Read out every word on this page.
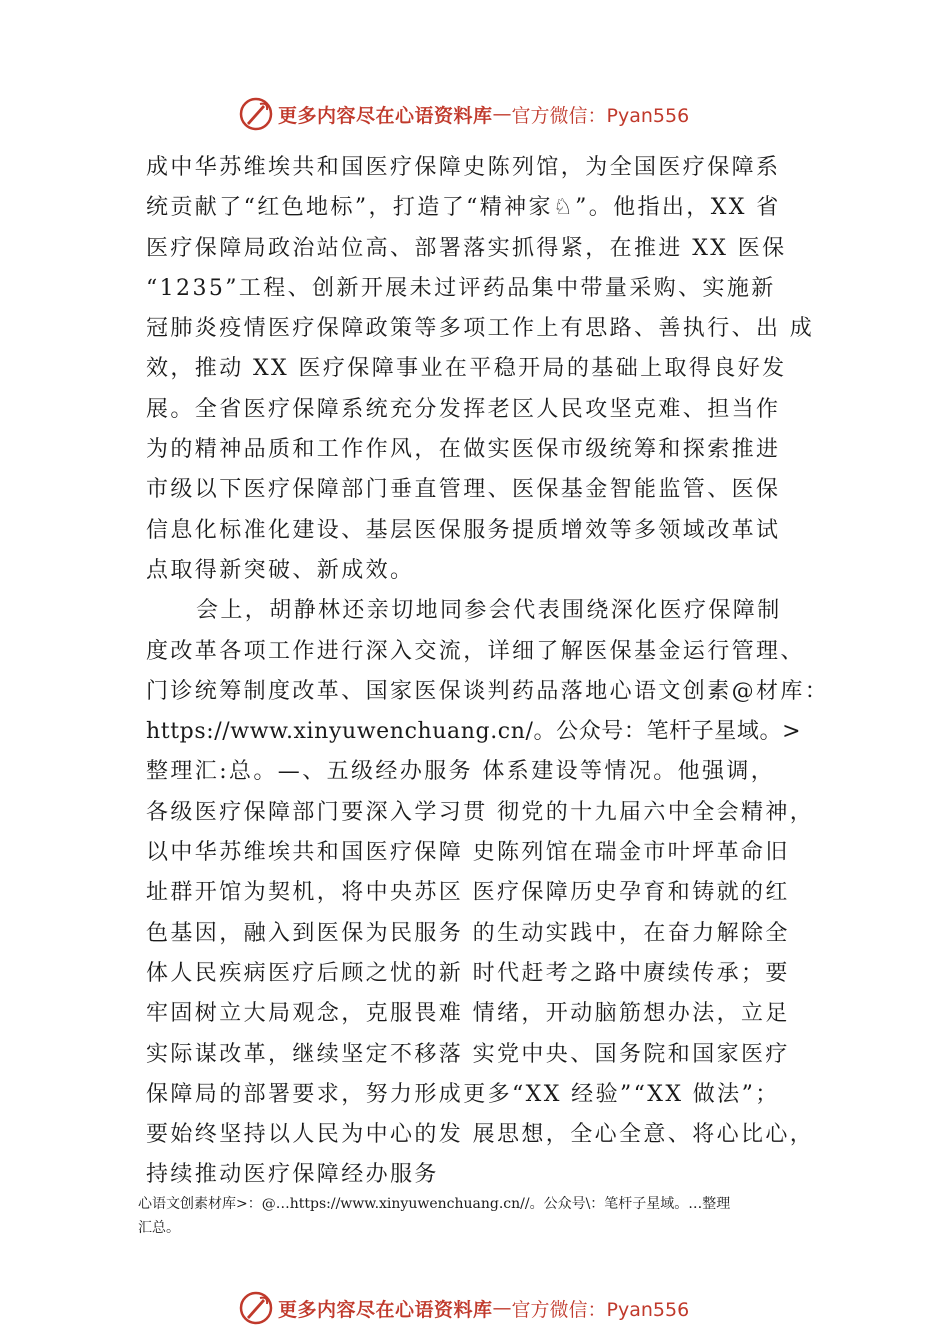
更多内容尽在心语资料库 — 官方微信：Pyan556
成中华苏维埃共和国医疗保障史陈列馆，为全国医疗保障系
统贡献了“红色地标”，打造了“精神家♘”。他指出，XX 省
医疗保障局政治站位高、部署落实抓得紧，在推进 XX 医保
“1235”工程、创新开展未过评药品集中带量采购、实施新
冠肺炎疫情医疗保障政策等多项工作上有思路、善执行、出 成
效，推动 XX 医疗保障事业在平稳开局的基础上取得良好发
展。全省医疗保障系统充分发挥老区人民攻坚克难、担当作
为的精神品质和工作作风，在做实医保市级统筹和探索推进
市级以下医疗保障部门垂直管理、医保基金智能监管、医保
信息化标准化建设、基层医保服务提质增效等多领域改革试
点取得新突破、新成效。
会上，胡静林还亲切地同参会代表围绕深化医疗保障制
度改革各项工作进行深入交流，详细了解医保基金运行管理、
门诊统筹制度改革、国家医保谈判药品落地心语文创素@材库：
https://www.xinyuwenchuang.cn/。公众号：笔杆子星域。>
整理汇:总。—、五级经办服务 体系建设等情况。他强调，
各级医疗保障部门要深入学习贯 彻党的十九届六中全会精神，
以中华苏维埃共和国医疗保障 史陈列馆在瑞金市叶坪革命旧
址群开馆为契机，将中央苏区 医疗保障历史孕育和铸就的红
色基因，融入到医保为民服务 的生动实践中，在奋力解除全
体人民疾病医疗后顾之忧的新 时代赶考之路中赓续传承；要
牢固树立大局观念，克服畏难 情绪，开动脑筋想办法，立足
实际谋改革，继续坚定不移落 实党中央、国务院和国家医疗
保障局的部署要求，努力形成更多“XX 经验”“XX 做法”；
要始终坚持以人民为中心的发 展思想，全心全意、将心比心，
持续推动医疗保障经办服务
心语文创素材库>：@…https://www.xinyuwenchuang.cn//。公众号\：笔杆子星域。…整理
汇总。
更多内容尽在心语资料库 — 官方微信：Pyan556
